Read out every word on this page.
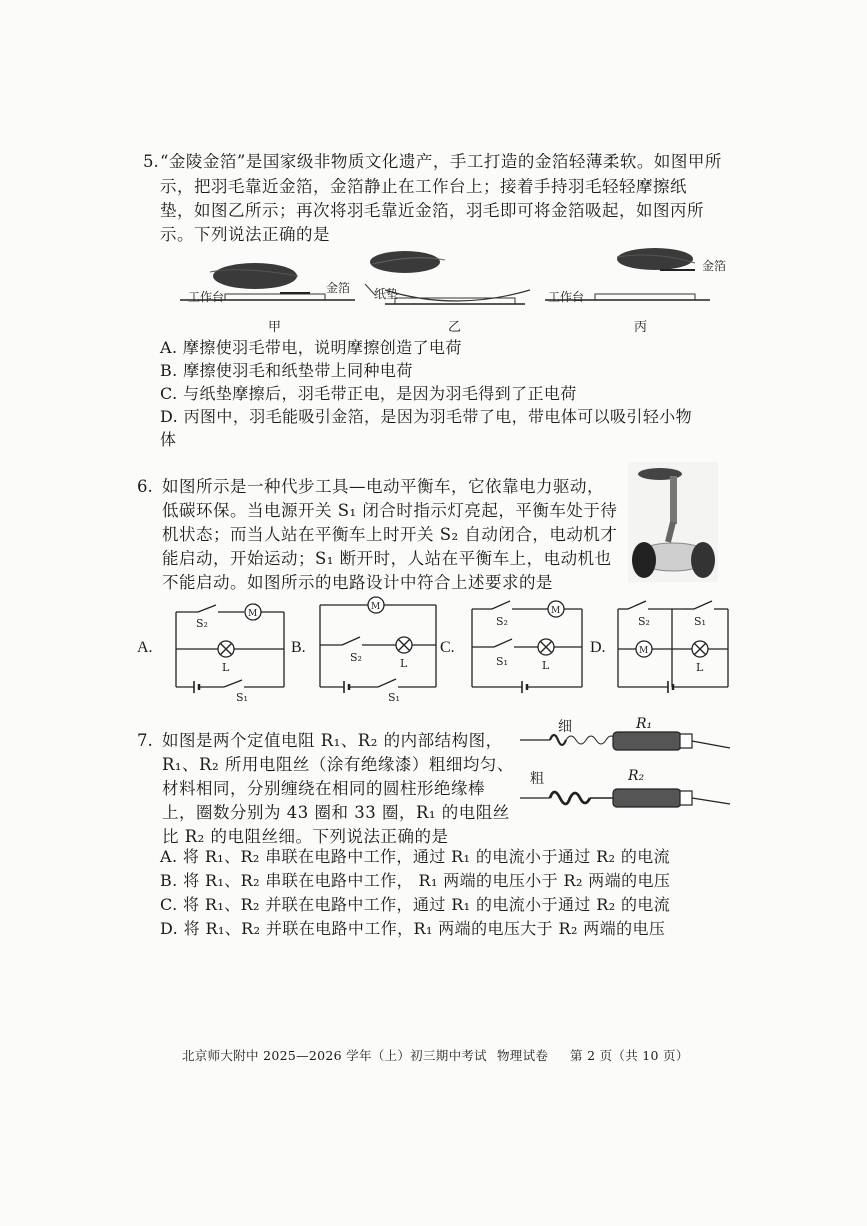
5. “金陵金箔”是国家级非物质文化遗产，手工打造的金箔轻薄柔软。如图甲所
示，把羽毛靠近金箔，金箔静止在工作台上；接着手持羽毛轻轻摩擦纸
垫，如图乙所示；再次将羽毛靠近金箔，羽毛即可将金箔吸起，如图丙所
示。下列说法正确的是
工作台
金箔
甲
纸垫
乙
工作台
金箔
丙
A. 摩擦使羽毛带电，说明摩擦创造了电荷
B. 摩擦使羽毛和纸垫带上同种电荷
C. 与纸垫摩擦后，羽毛带正电，是因为羽毛得到了正电荷
D. 丙图中，羽毛能吸引金箔，是因为羽毛带了电，带电体可以吸引轻小物
体
6. 如图所示是一种代步工具—电动平衡车，它依靠电力驱动，
低碳环保。当电源开关 S₁ 闭合时指示灯亮起，平衡车处于待
机状态；而当人站在平衡车上时开关 S₂ 自动闭合，电动机才
能启动，开始运动；S₁ 断开时，人站在平衡车上，电动机也
不能启动。如图所示的电路设计中符合上述要求的是
A.	B.	C.	D.
S₂
M
L
S₁
M
S₂	L
S₁
S₂
M
S₁	L
S₂	S₁
M
L
7. 如图是两个定值电阻 R₁、R₂ 的内部结构图，
R₁、R₂ 所用电阻丝（涂有绝缘漆）粗细均匀、
材料相同，分别缠绕在相同的圆柱形绝缘棒
上，圈数分别为 43 圈和 33 圈，R₁ 的电阻丝
比 R₂ 的电阻丝细。下列说法正确的是
细
粗
R₁
R₂
A. 将 R₁、R₂ 串联在电路中工作，通过 R₁ 的电流小于通过 R₂ 的电流
B. 将 R₁、R₂ 串联在电路中工作， R₁ 两端的电压小于 R₂ 两端的电压
C. 将 R₁、R₂ 并联在电路中工作，通过 R₁ 的电流小于通过 R₂ 的电流
D. 将 R₁、R₂ 并联在电路中工作，R₁ 两端的电压大于 R₂ 两端的电压
北京师大附中 2025—2026 学年（上）初三期中考试 物理试卷 第 2 页（共 10 页）
